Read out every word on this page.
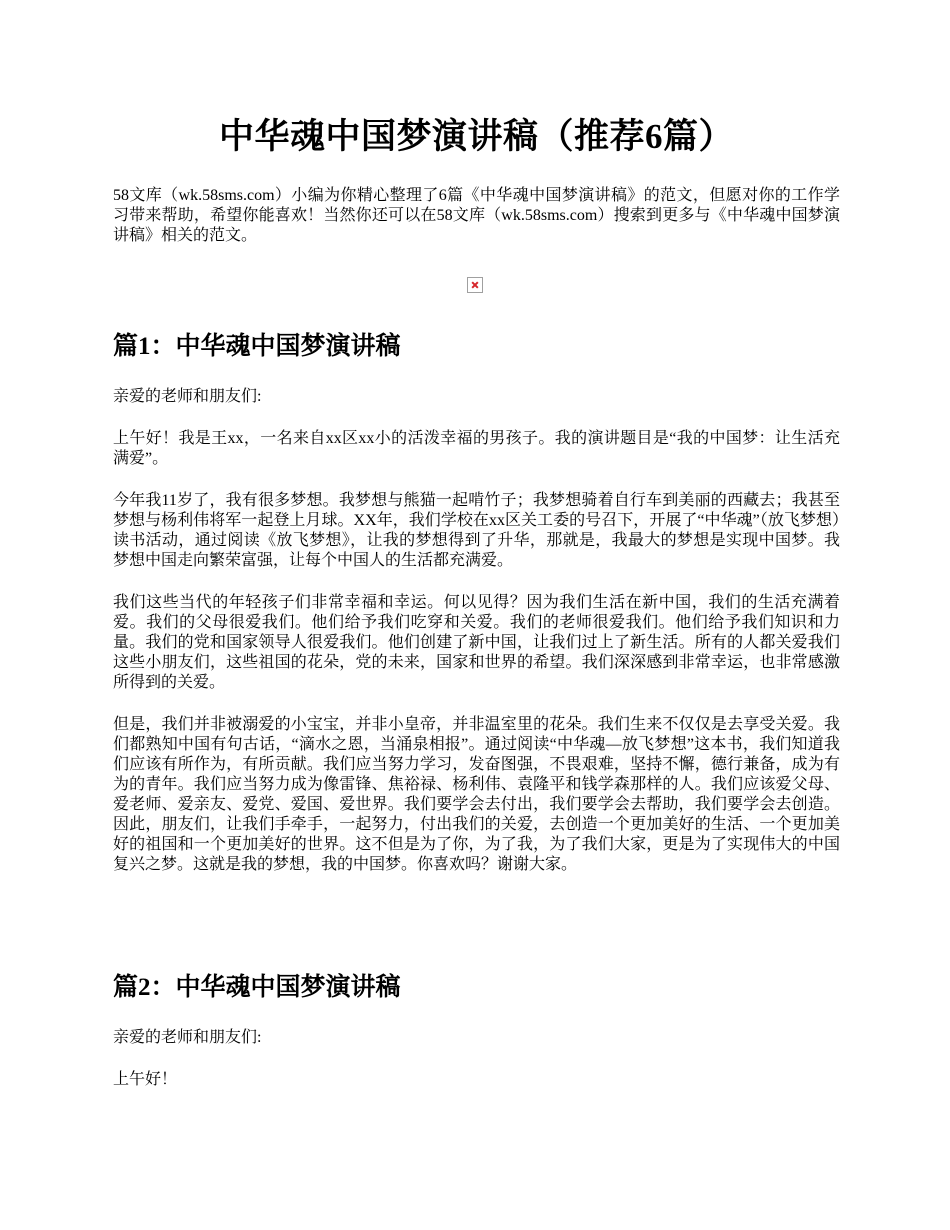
中华魂中国梦演讲稿（推荐6篇）

58文库（wk.58sms.com）小编为你精心整理了6篇《中华魂中国梦演讲稿》的范文，但愿对你的工作学习带来帮助，希望你能喜欢！当然你还可以在58文库（wk.58sms.com）搜索到更多与《中华魂中国梦演讲稿》相关的范文。

篇1：中华魂中国梦演讲稿

亲爱的老师和朋友们:

上午好！我是王xx，一名来自xx区xx小的活泼幸福的男孩子。我的演讲题目是“我的中国梦：让生活充满爱”。

今年我11岁了，我有很多梦想。我梦想与熊猫一起啃竹子；我梦想骑着自行车到美丽的西藏去；我甚至梦想与杨利伟将军一起登上月球。XX年，我们学校在xx区关工委的号召下，开展了“中华魂”（放飞梦想）读书活动，通过阅读《放飞梦想》，让我的梦想得到了升华，那就是，我最大的梦想是实现中国梦。我梦想中国走向繁荣富强，让每个中国人的生活都充满爱。

我们这些当代的年轻孩子们非常幸福和幸运。何以见得？因为我们生活在新中国，我们的生活充满着爱。我们的父母很爱我们。他们给予我们吃穿和关爱。我们的老师很爱我们。他们给予我们知识和力量。我们的党和国家领导人很爱我们。他们创建了新中国，让我们过上了新生活。所有的人都关爱我们这些小朋友们，这些祖国的花朵，党的未来，国家和世界的希望。我们深深感到非常幸运，也非常感激所得到的关爱。

但是，我们并非被溺爱的小宝宝，并非小皇帝，并非温室里的花朵。我们生来不仅仅是去享受关爱。我们都熟知中国有句古话，“滴水之恩，当涌泉相报”。通过阅读“中华魂—放飞梦想”这本书，我们知道我们应该有所作为，有所贡献。我们应当努力学习，发奋图强，不畏艰难，坚持不懈，德行兼备，成为有为的青年。我们应当努力成为像雷锋、焦裕禄、杨利伟、袁隆平和钱学森那样的人。我们应该爱父母、爱老师、爱亲友、爱党、爱国、爱世界。我们要学会去付出，我们要学会去帮助，我们要学会去创造。因此，朋友们，让我们手牵手，一起努力，付出我们的关爱，去创造一个更加美好的生活、一个更加美好的祖国和一个更加美好的世界。这不但是为了你，为了我，为了我们大家，更是为了实现伟大的中国复兴之梦。这就是我的梦想，我的中国梦。你喜欢吗？谢谢大家。

篇2：中华魂中国梦演讲稿

亲爱的老师和朋友们:

上午好！
